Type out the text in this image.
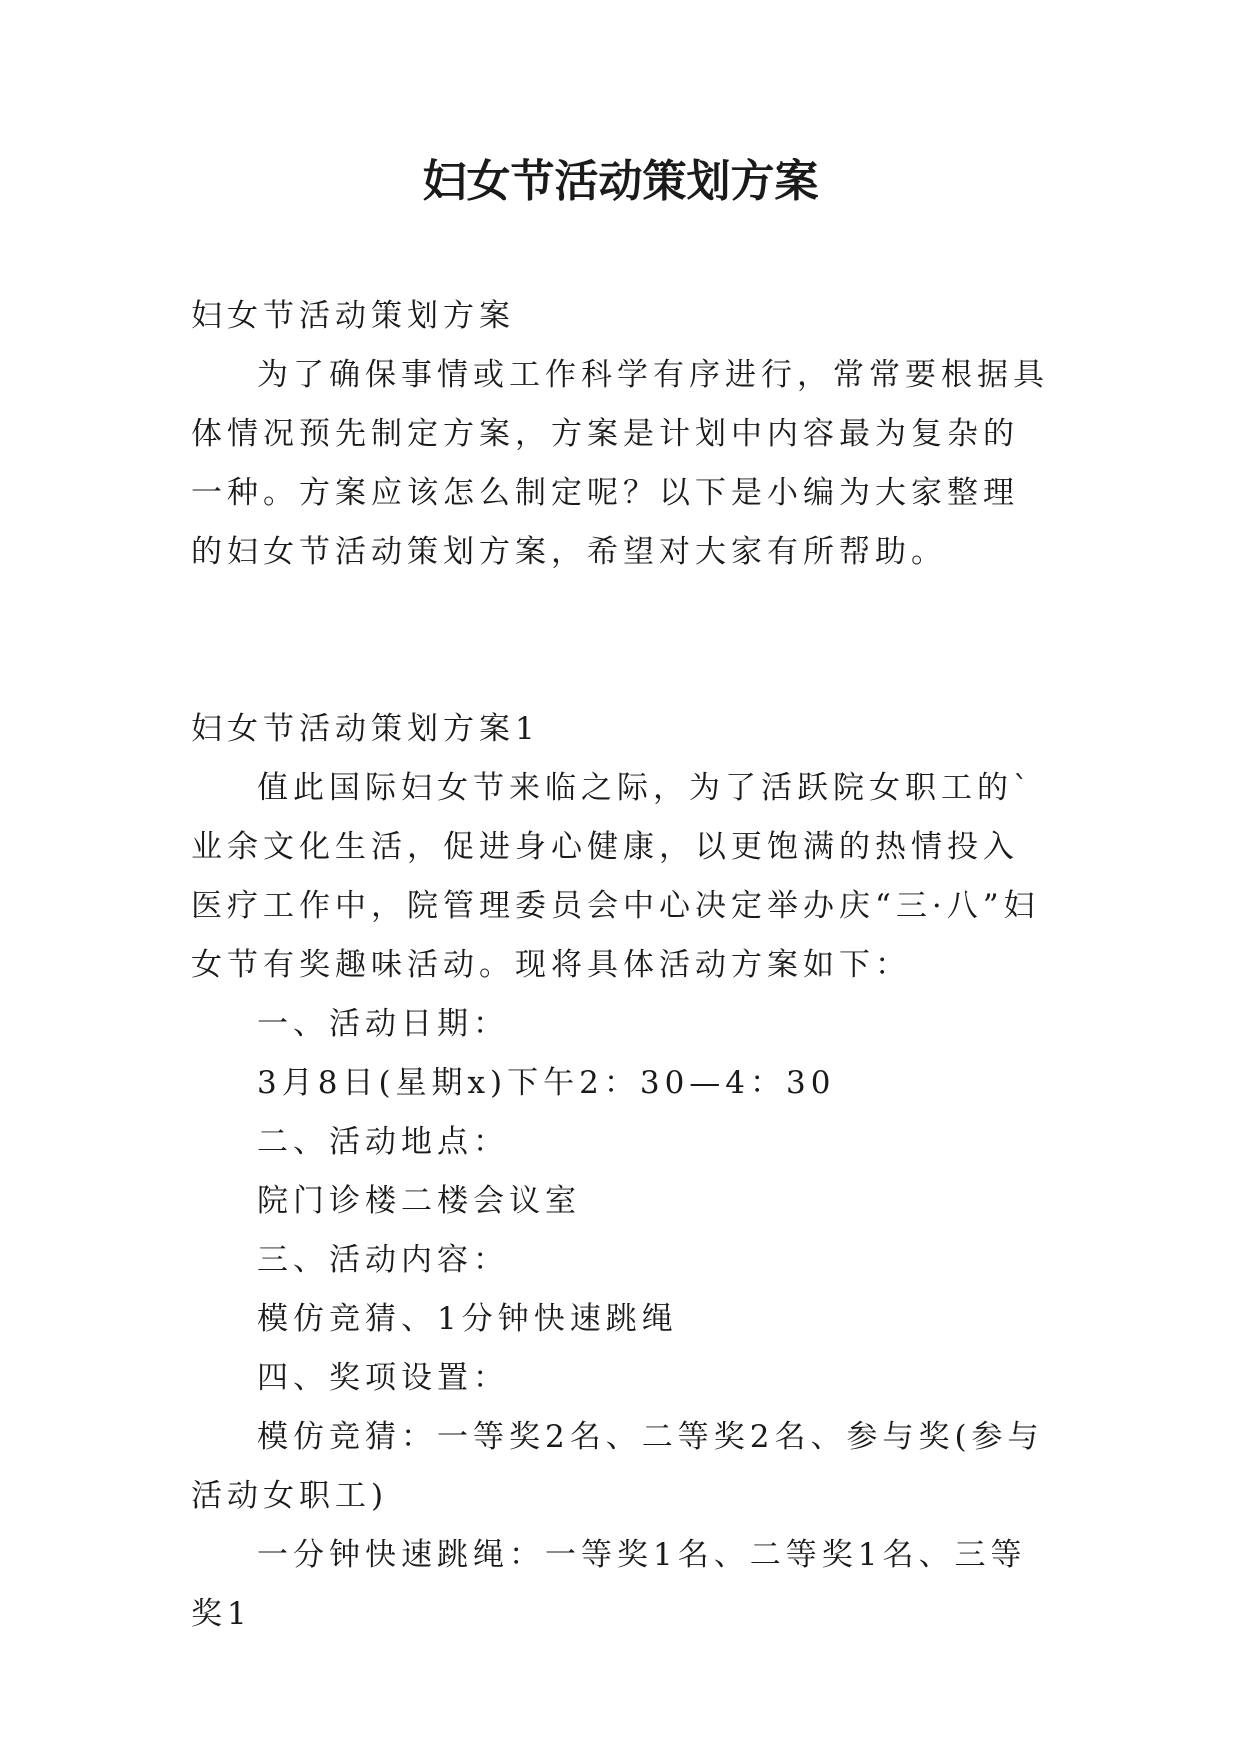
妇女节活动策划方案

妇女节活动策划方案

为了确保事情或工作科学有序进行，常常要根据具体情况预先制定方案，方案是计划中内容最为复杂的一种。方案应该怎么制定呢？以下是小编为大家整理的妇女节活动策划方案，希望对大家有所帮助。

妇女节活动策划方案1

值此国际妇女节来临之际，为了活跃院女职工的`业余文化生活，促进身心健康，以更饱满的热情投入医疗工作中，院管理委员会中心决定举办庆“三·八”妇女节有奖趣味活动。现将具体活动方案如下：

一、活动日期：

3月8日(星期x)下午2：30—4：30

二、活动地点：

院门诊楼二楼会议室

三、活动内容：

模仿竞猜、1分钟快速跳绳

四、奖项设置：

模仿竞猜：一等奖2名、二等奖2名、参与奖(参与活动女职工)

一分钟快速跳绳：一等奖1名、二等奖1名、三等奖1
